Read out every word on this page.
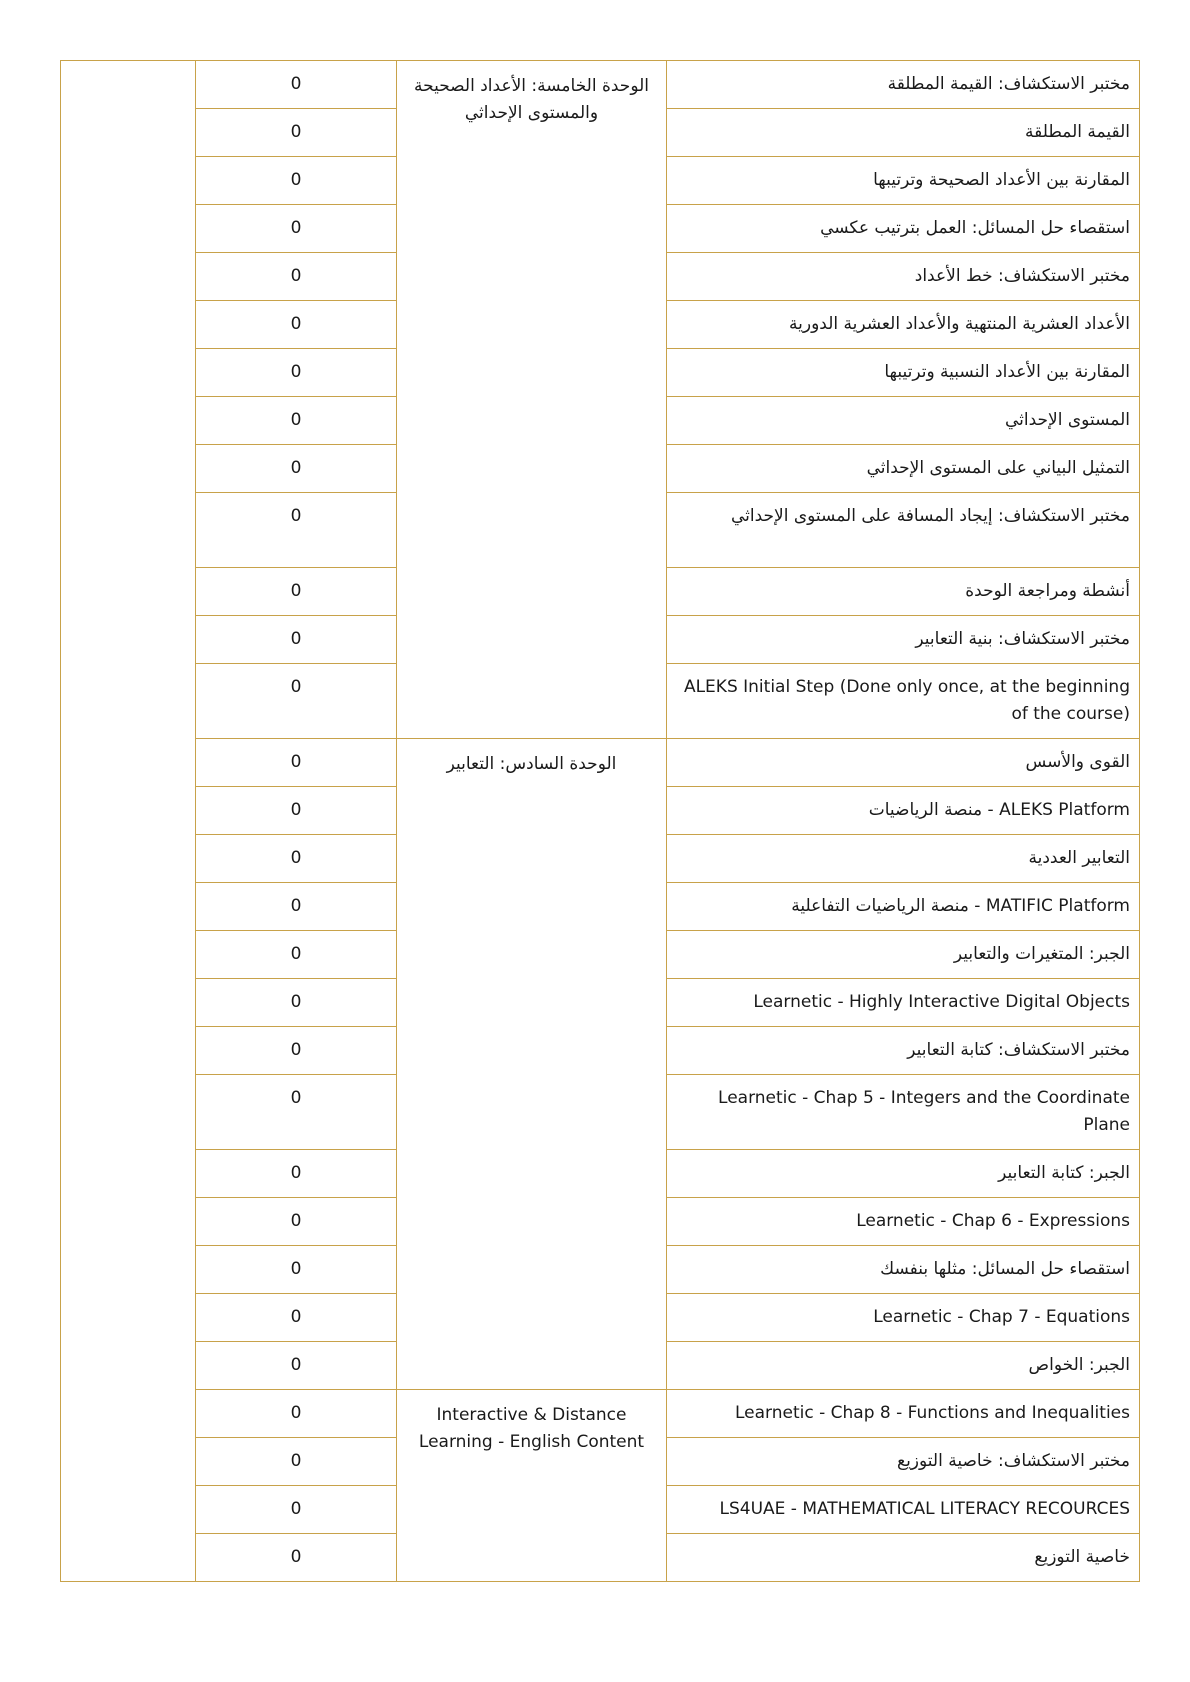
	0	الوحدة الخامسة: الأعداد الصحيحة والمستوى الإحداثي	مختبر الاستكشاف: القيمة المطلقة

	0		القيمة المطلقة

	0		المقارنة بين الأعداد الصحيحة وترتيبها

	0		استقصاء حل المسائل: العمل بترتيب عكسي

	0		مختبر الاستكشاف: خط الأعداد

	0		الأعداد العشرية المنتهية والأعداد العشرية الدورية

	0		المقارنة بين الأعداد النسبية وترتيبها

	0		المستوى الإحداثي

	0		التمثيل البياني على المستوى الإحداثي

	0		مختبر الاستكشاف: إيجاد المسافة على المستوى الإحداثي

	0		أنشطة ومراجعة الوحدة

	0		مختبر الاستكشاف: بنية التعابير

	0		ALEKS Initial Step (Done only once, at the beginning of the course)

	0	الوحدة السادس: التعابير	القوى والأسس

	0		ALEKS Platform - منصة الرياضيات

	0		التعابير العددية

	0		MATIFIC Platform - منصة الرياضيات التفاعلية

	0		الجبر: المتغيرات والتعابير

	0		Learnetic - Highly Interactive Digital Objects

	0		مختبر الاستكشاف: كتابة التعابير

	0		Learnetic - Chap 5 - Integers and the Coordinate Plane

	0		الجبر: كتابة التعابير

	0		Learnetic - Chap 6 - Expressions

	0		استقصاء حل المسائل: مثلها بنفسك

	0		Learnetic - Chap 7 - Equations

	0		الجبر: الخواص

	0	Interactive & Distance Learning - English Content	Learnetic - Chap 8 - Functions and Inequalities

	0		مختبر الاستكشاف: خاصية التوزيع

	0		LS4UAE - MATHEMATICAL LITERACY RECOURCES

	0		خاصية التوزيع
